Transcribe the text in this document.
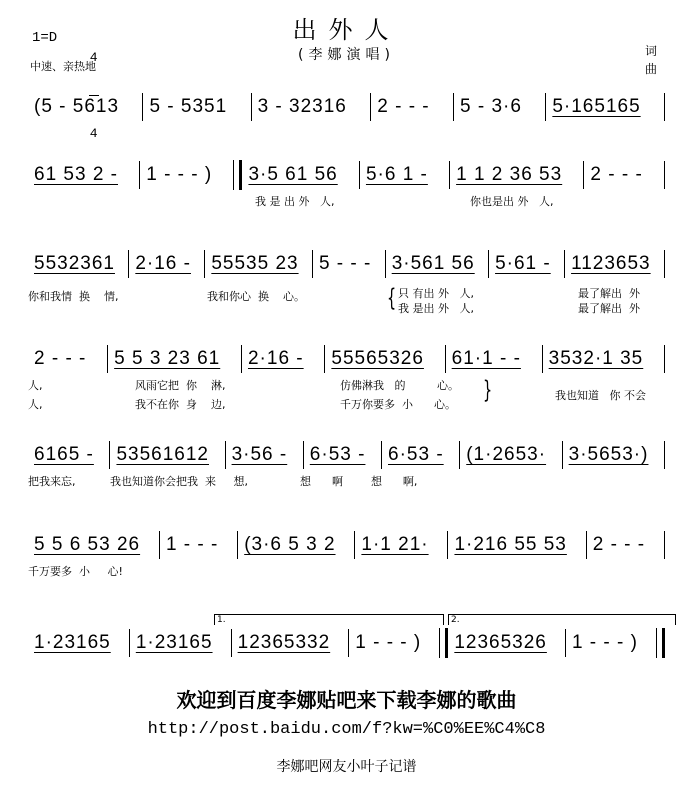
出外人
(李娜演唱)
1=D

4

4

中速、亲热地
词
曲
(5 - 5613	5 - 5351	3 - 32316	2 - - -	5 - 3·6	5·165165
61 53 2 -	1 - - - )	3·5 61 56	5·6 1 -	1 1 2 36 53	2 - - -
5532361	2·16 -	55535 23	5 - - -	3·561 56	5·61 -	1123653
2 - - -	5 5 3 23 61	2·16 -	55565326	61·1 - -	3532·1 35
6165 -	53561612	3·56 -	6·53 -	6·53 -	(1·2653·	3·5653·)
5 5 6 53 26	1 - - -	(3·6 5 3 2	1·1 21·	1·216 55 53	2 - - -
1·23165	1·23165	12365332	1 - - - )	12365326	1 - - - )
我 是 出 外   人,	你也是出 外   人,
你和我情  换    情,	我和你心  换    心。	{ 只 有出 外   人,
我 是出 外   人,
最了解出  外
最了解出  外
人,
人,
风雨它把  你    淋,
我不在你  身    边,
仿佛淋我   的         心。
千万你要多  小      心。
}	我也知道   你 不会
把我来忘,	我也知道你会把我  来     想,	想      啊        想      啊,
千万要多  小     心!
1.	2.
欢迎到百度李娜贴吧来下载李娜的歌曲
http://post.baidu.com/f?kw=%C0%EE%C4%C8
李娜吧网友小叶子记谱
